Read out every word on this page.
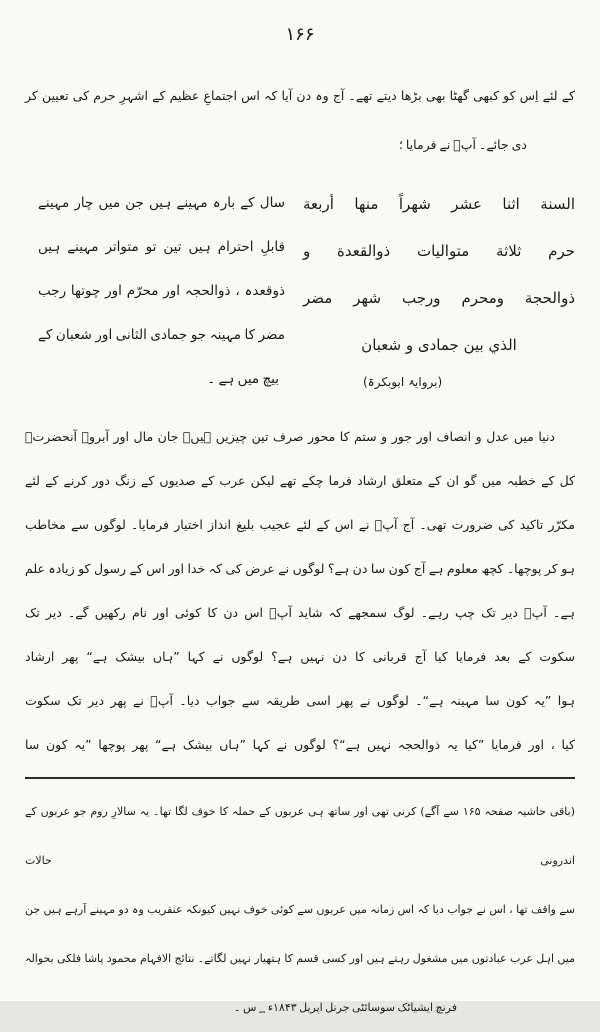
۱۶۶
کے لئے اِس کو کبھی گھٹا بھی بڑھا دیتے تھے۔ آج وہ دن آیا کہ اس اجتماعِ عظیم کے اشہرِ حرم کی تعیین کر
دی جائے۔ آپؐ نے فرمایا ؛
السنة اثنا عشر شهراً منها أربعة
حرم ثلاثة متواليات ذوالقعدة و
ذوالحجة ومحرم ورجب شهر مضر
الذي بين جمادى و شعبان
(بروایۃ ابوبکرۃ)
سال کے بارہ مہینے ہیں جن میں چار مہینے
قابلِ احترام ہیں تین تو متواتر مہینے ہیں
ذوقعدہ ، ذوالحجہ اور محرّم اور چوتھا رجب
مضر کا مہینہ جو جمادی الثانی اور شعبان کے
بیچ میں ہے ۔
دنیا میں عدل و انصاف اور جور و ستم کا محور صرف تین چیزیں ہیں۔ جان مال اور آبرو۔ آنحضرتؐ
کل کے خطبہ میں گو ان کے متعلق ارشاد فرما چکے تھے لیکن عرب کے صدیوں کے زنگ دور کرنے کے لئے
مکرّر تاکید کی ضرورت تھی۔ آج آپؐ نے اس کے لئے عجیب بلیغ انداز اختیار فرمایا۔ لوگوں سے مخاطب
ہو کر پوچھا۔ کچھ معلوم ہے آج کون سا دن ہے؟ لوگوں نے عرض کی کہ خدا اور اس کے رسول کو زیادہ علم
ہے۔ آپؐ دیر تک چپ رہے۔ لوگ سمجھے کہ شاید آپؐ اس دن کا کوئی اور نام رکھیں گے۔ دیر تک
سکوت کے بعد فرمایا کیا آج قربانی کا دن نہیں ہے؟ لوگوں نے کہا ”ہاں بیشک ہے“ پھر ارشاد
ہوا ”یہ کون سا مہینہ ہے“۔ لوگوں نے پھر اسی طریقہ سے جواب دیا۔ آپؐ نے پھر دیر تک سکوت
کیا ، اور فرمایا ”کیا یہ ذوالحجہ نہیں ہے“؟ لوگوں نے کہا ”ہاں بیشک ہے“ پھر پوچھا ”یہ کون سا
(باقی حاشیہ صفحہ ۱۶۵ سے آگے) کرنی تھی اور ساتھ ہی عربوں کے حملہ کا خوف لگا تھا۔ یہ سالارِ روم جو عربوں کے اندرونی حالات
سے واقف تھا ، اس نے جواب دیا کہ اس زمانہ میں عربوں سے کوئی خوف نہیں کیونکہ عنقریب وہ دو مہینے آرہے ہیں جن
میں اہل عرب عبادتوں میں مشغول رہتے ہیں اور کسی قسم کا ہتھیار نہیں لگاتے۔ نتائج الافہام محمود پاشا فلکی بحوالہ
فرنچ ایشیاٹک سوسائٹی جرنل اپریل ۱۸۴۳ء ؁ س ۔
